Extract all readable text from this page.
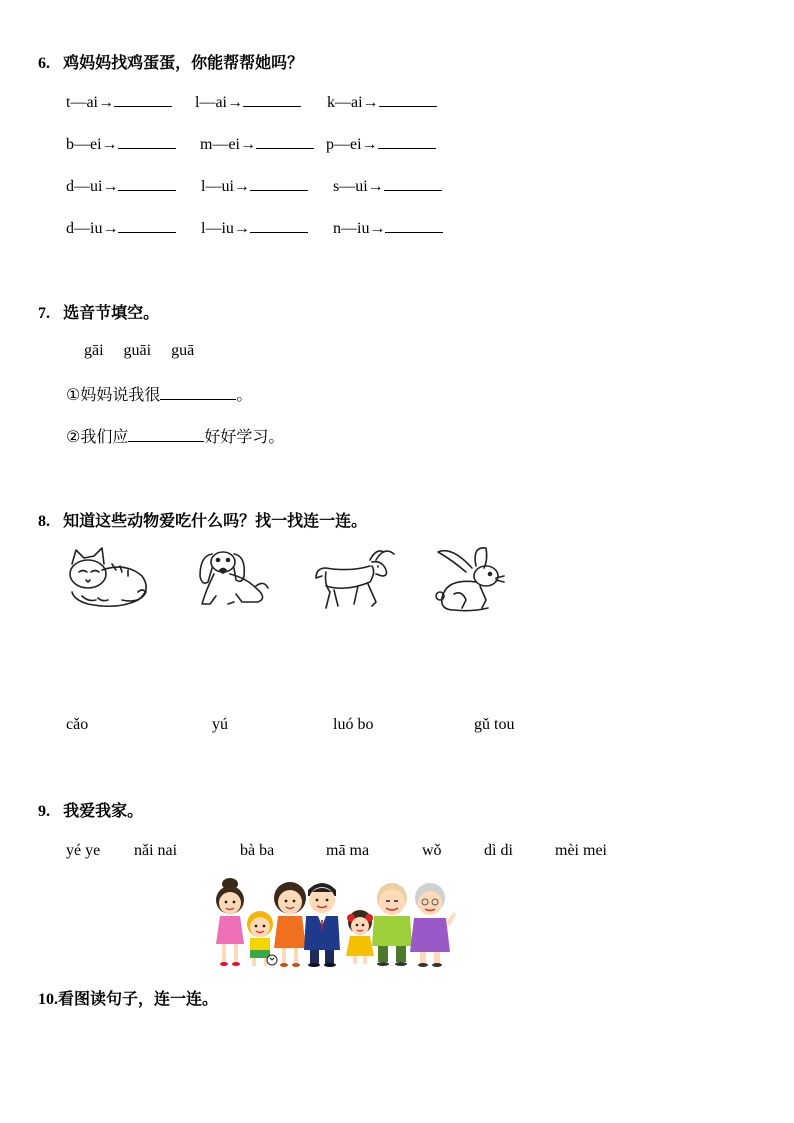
6. 鸡妈妈找鸡蛋蛋，你能帮帮她吗？
t—ai→	l—ai→	k—ai→
b—ei→	m—ei→	p—ei→
d—ui→	l—ui→	s—ui→
d—iu→	l—iu→	n—iu→
7. 选音节填空。
gāi guāi guā
①妈妈说我很	。
②我们应	好好学习。
8. 知道这些动物爱吃什么吗？找一找连一连。
cǎo	yú	luó bo	gǔ tou
9. 我爱我家。
yé ye nǎi nai	bà ba	mā ma	wǒ	dì di	mèi mei
10.看图读句子，连一连。
